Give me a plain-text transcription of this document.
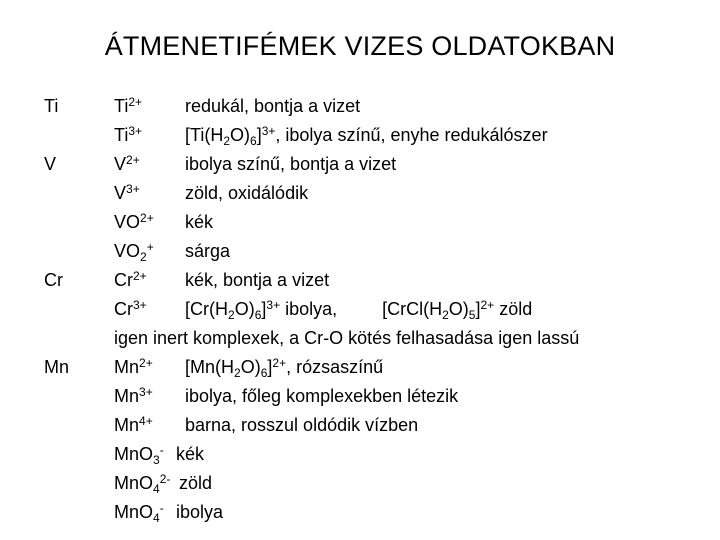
ÁTMENETIFÉMEK VIZES OLDATOKBAN
Ti
V
Cr
Mn
$Ti^{2+}$ redukál, bontja a vizet
$Ti^{3+}$ $[Ti(H_2O)_6]^{3+}$, ibolya színű, enyhe redukálószer
$V^{2+}$	ibolya színű, bontja a vizet
$V^{3+}$	zöld, oxidálódik
$VO^{2+}$ kék
$VO_2^+$ sárga
$Cr^{2+}$ kék, bontja a vizet
$Cr^{3+}$ $[Cr(H_2O)_6]^{3+}$ ibolya,         $[CrCl(H_2O)_5]^{2+}$ zöld
igen inert komplexek, a Cr-O kötés felhasadása igen lassú
$Mn^{2+}$ $[Mn(H_2O)_6]^{2+}$, rózsaszínű
$Mn^{3+}$ ibolya, főleg komplexekben létezik
$Mn^{4+}$ barna, rosszul oldódik vízben
MnO$_3$- kék
MnO$_4^{2-}$ zöld
MnO$_4$- ibolya
